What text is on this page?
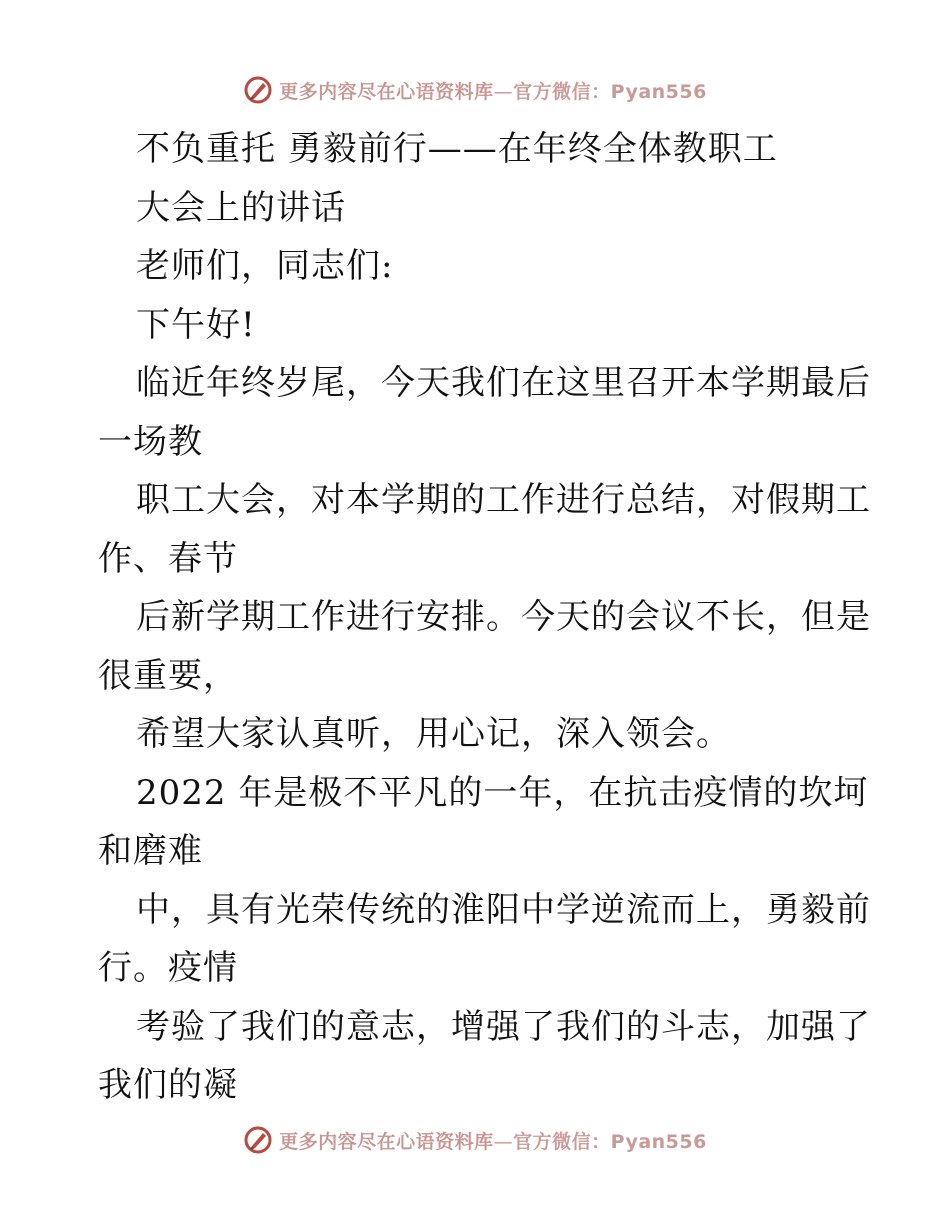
更多内容尽在心语资料库—官方微信：Pyan556
不负重托 勇毅前行——在年终全体教职工
大会上的讲话
老师们，同志们:
下午好!
临近年终岁尾，今天我们在这里召开本学期最后
一场教
职工大会，对本学期的工作进行总结，对假期工
作、春节
后新学期工作进行安排。今天的会议不长，但是
很重要，
希望大家认真听，用心记，深入领会。
2022 年是极不平凡的一年，在抗击疫情的坎坷
和磨难
中，具有光荣传统的淮阳中学逆流而上，勇毅前
行。疫情
考验了我们的意志，增强了我们的斗志，加强了
我们的凝
更多内容尽在心语资料库—官方微信：Pyan556
